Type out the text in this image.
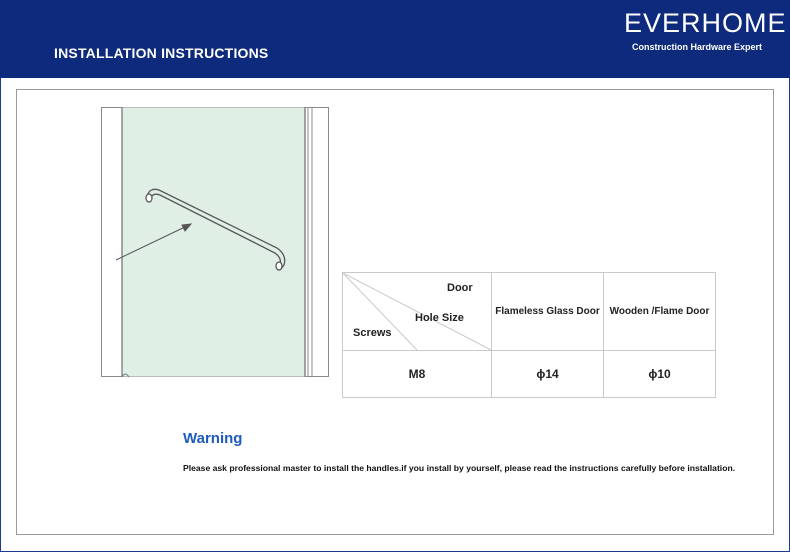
INSTALLATION INSTRUCTIONS
EVERHOME
Construction Hardware Expert
Door
Hole Size
Screws	Flameless Glass Door	Wooden /Flame Door
M8	ϕ14	ϕ10
Warning
Please ask professional master to install the handles.if you install by yourself, please read the instructions carefully before installation.
